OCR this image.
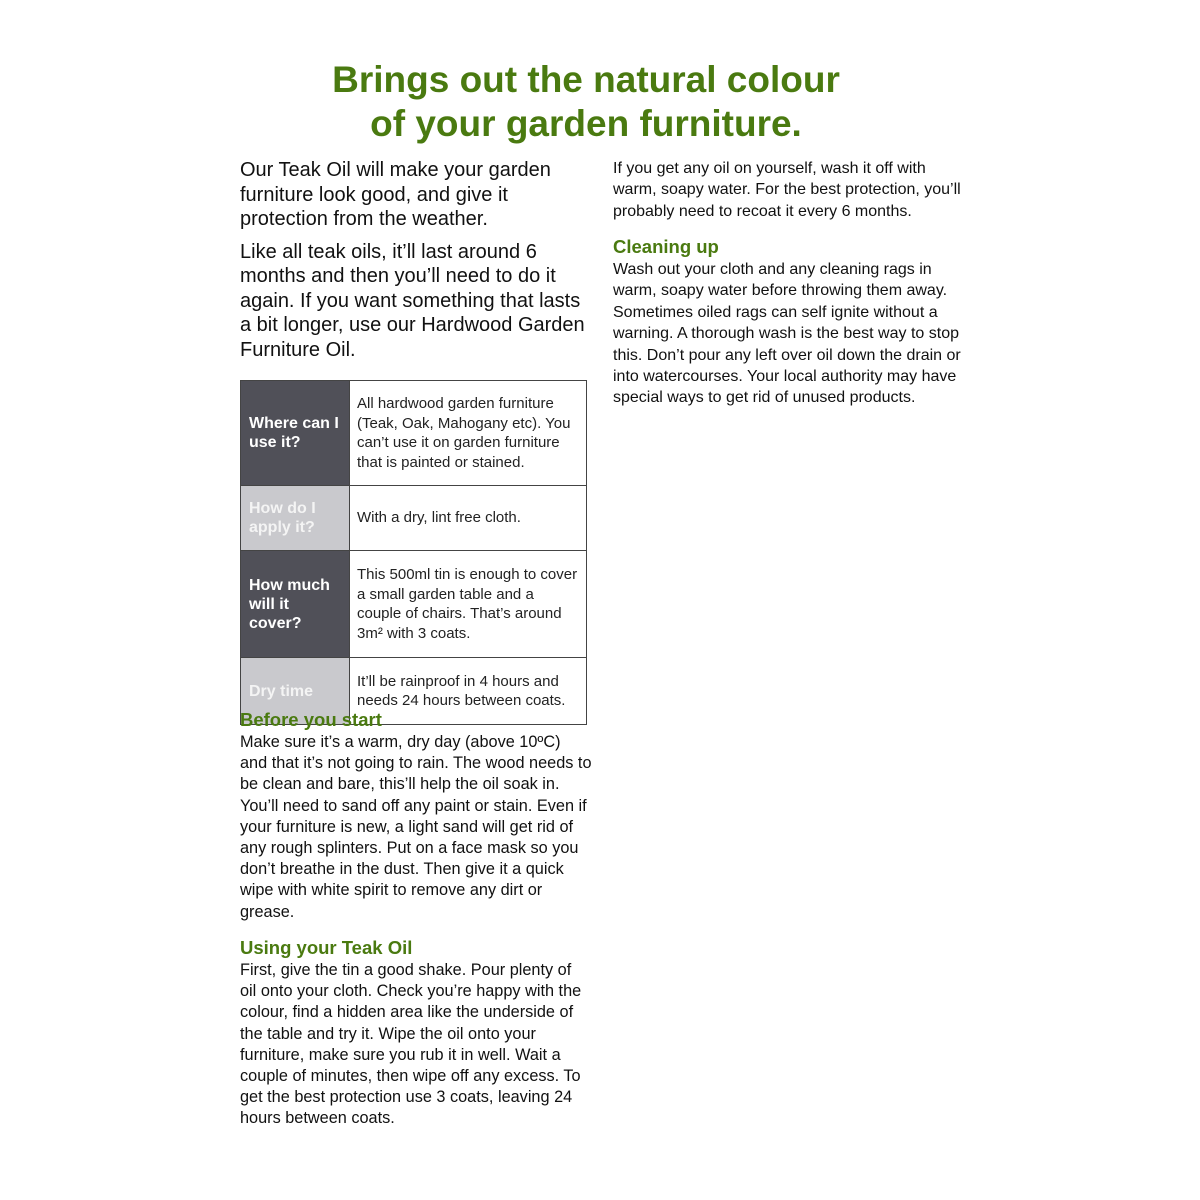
Brings out the natural colour
of your garden furniture.

Our Teak Oil will make your garden furniture look good, and give it protection from the weather.

Like all teak oils, it’ll last around 6 months and then you’ll need to do it again. If you want something that lasts a bit longer, use our Hardwood Garden Furniture Oil.

Where can I use it?	All hardwood garden furniture (Teak, Oak, Mahogany etc). You can’t use it on garden furniture that is painted or stained.
How do I apply it?	With a dry, lint free cloth.
How much will it cover?	This 500ml tin is enough to cover a small garden table and a couple of chairs. That’s around 3m² with 3 coats.
Dry time	It’ll be rainproof in 4 hours and needs 24 hours between coats.
Before you start

Make sure it’s a warm, dry day (above 10ºC) and that it’s not going to rain. The wood needs to be clean and bare, this’ll help the oil soak in. You’ll need to sand off any paint or stain. Even if your furniture is new, a light sand will get rid of any rough splinters. Put on a face mask so you don’t breathe in the dust. Then give it a quick wipe with white spirit to remove any dirt or grease.

Using your Teak Oil

First, give the tin a good shake. Pour plenty of oil onto your cloth. Check you’re happy with the colour, find a hidden area like the underside of the table and try it. Wipe the oil onto your furniture, make sure you rub it in well. Wait a couple of minutes, then wipe off any excess. To get the best protection use 3 coats, leaving 24 hours between coats.

If you get any oil on yourself, wash it off with warm, soapy water. For the best protection, you’ll probably need to recoat it every 6 months.

Cleaning up

Wash out your cloth and any cleaning rags in warm, soapy water before throwing them away. Sometimes oiled rags can self ignite without a warning. A thorough wash is the best way to stop this. Don’t pour any left over oil down the drain or into watercourses. Your local authority may have special ways to get rid of unused products.
